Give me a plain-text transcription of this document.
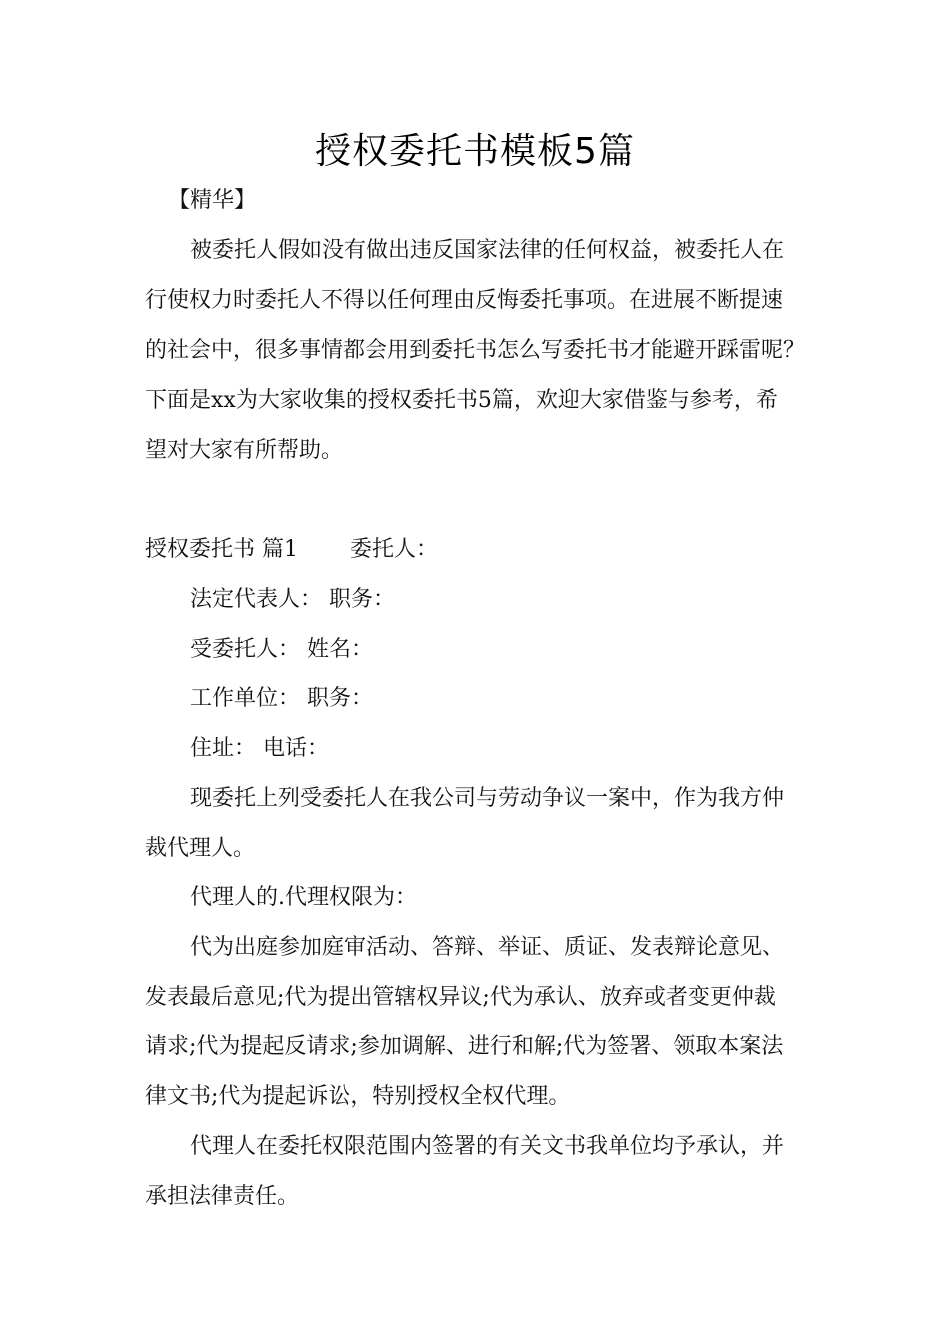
授权委托书模板5篇
【精华】
被委托人假如没有做出违反国家法律的任何权益，被委托人在
行使权力时委托人不得以任何理由反悔委托事项。在进展不断提速
的社会中，很多事情都会用到委托书怎么写委托书才能避开踩雷呢？
下面是xx为大家收集的授权委托书5篇，欢迎大家借鉴与参考，希
望对大家有所帮助。
授权委托书 篇1 委托人：
法定代表人： 职务：
受委托人： 姓名：
工作单位： 职务：
住址： 电话：
现委托上列受委托人在我公司与劳动争议一案中，作为我方仲
裁代理人。
代理人的.代理权限为：
代为出庭参加庭审活动、答辩、举证、质证、发表辩论意见、
发表最后意见;代为提出管辖权异议;代为承认、放弃或者变更仲裁
请求;代为提起反请求;参加调解、进行和解;代为签署、领取本案法
律文书;代为提起诉讼，特别授权全权代理。
代理人在委托权限范围内签署的有关文书我单位均予承认，并
承担法律责任。
